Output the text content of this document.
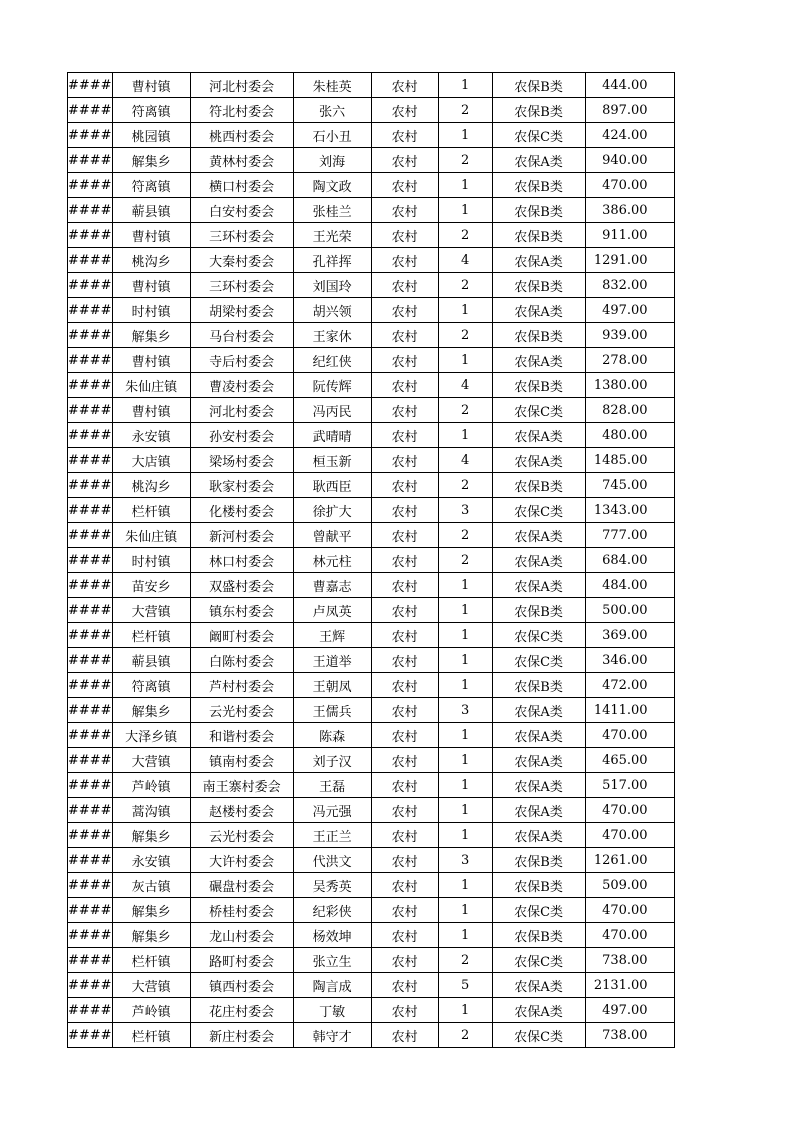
####	曹村镇	河北村委会	朱桂英	农村	1	农保B类	444.00
####	符离镇	符北村委会	张六	农村	2	农保B类	897.00
####	桃园镇	桃西村委会	石小丑	农村	1	农保C类	424.00
####	解集乡	黄林村委会	刘海	农村	2	农保A类	940.00
####	符离镇	横口村委会	陶文政	农村	1	农保B类	470.00
####	蕲县镇	白安村委会	张桂兰	农村	1	农保B类	386.00
####	曹村镇	三环村委会	王光荣	农村	2	农保B类	911.00
####	桃沟乡	大秦村委会	孔祥挥	农村	4	农保A类	1291.00
####	曹村镇	三环村委会	刘国玲	农村	2	农保B类	832.00
####	时村镇	胡梁村委会	胡兴领	农村	1	农保A类	497.00
####	解集乡	马台村委会	王家休	农村	2	农保B类	939.00
####	曹村镇	寺后村委会	纪红侠	农村	1	农保A类	278.00
####	朱仙庄镇	曹凌村委会	阮传辉	农村	4	农保B类	1380.00
####	曹村镇	河北村委会	冯丙民	农村	2	农保C类	828.00
####	永安镇	孙安村委会	武晴晴	农村	1	农保A类	480.00
####	大店镇	梁场村委会	桓玉新	农村	4	农保A类	1485.00
####	桃沟乡	耿家村委会	耿西臣	农村	2	农保B类	745.00
####	栏杆镇	化楼村委会	徐扩大	农村	3	农保C类	1343.00
####	朱仙庄镇	新河村委会	曾献平	农村	2	农保A类	777.00
####	时村镇	林口村委会	林元柱	农村	2	农保A类	684.00
####	苗安乡	双盛村委会	曹嘉志	农村	1	农保A类	484.00
####	大营镇	镇东村委会	卢凤英	农村	1	农保B类	500.00
####	栏杆镇	阚町村委会	王辉	农村	1	农保C类	369.00
####	蕲县镇	白陈村委会	王道举	农村	1	农保C类	346.00
####	符离镇	芦村村委会	王朝凤	农村	1	农保B类	472.00
####	解集乡	云光村委会	王儒兵	农村	3	农保A类	1411.00
####	大泽乡镇	和谐村委会	陈森	农村	1	农保A类	470.00
####	大营镇	镇南村委会	刘子汉	农村	1	农保A类	465.00
####	芦岭镇	南王寨村委会	王磊	农村	1	农保A类	517.00
####	蒿沟镇	赵楼村委会	冯元强	农村	1	农保A类	470.00
####	解集乡	云光村委会	王正兰	农村	1	农保A类	470.00
####	永安镇	大许村委会	代洪文	农村	3	农保B类	1261.00
####	灰古镇	碾盘村委会	吴秀英	农村	1	农保B类	509.00
####	解集乡	桥桂村委会	纪彩侠	农村	1	农保C类	470.00
####	解集乡	龙山村委会	杨效坤	农村	1	农保B类	470.00
####	栏杆镇	路町村委会	张立生	农村	2	农保C类	738.00
####	大营镇	镇西村委会	陶言成	农村	5	农保A类	2131.00
####	芦岭镇	花庄村委会	丁敏	农村	1	农保A类	497.00
####	栏杆镇	新庄村委会	韩守才	农村	2	农保C类	738.00
